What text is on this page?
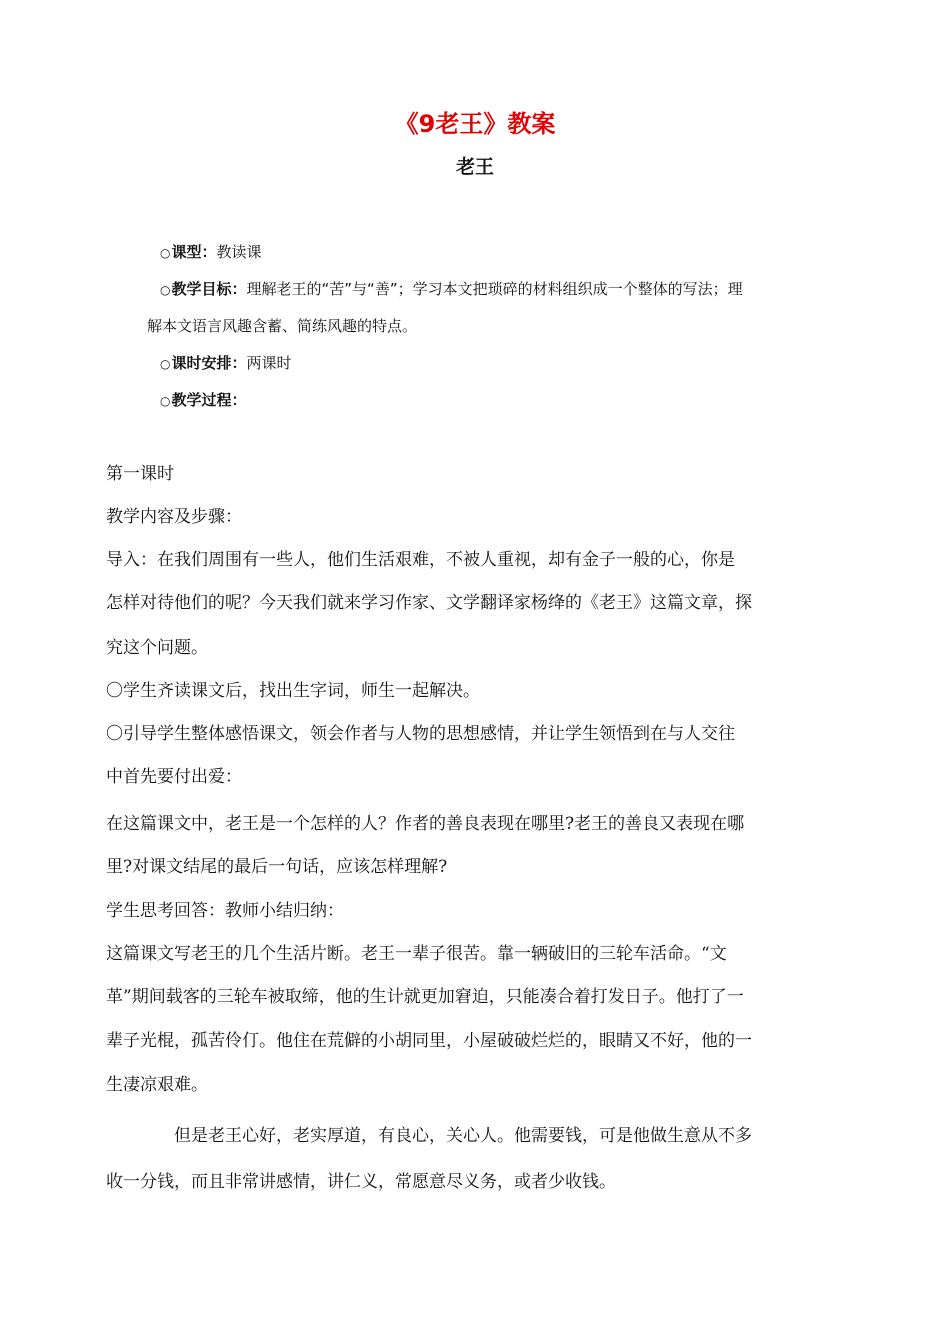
《9老王》教案
老王
○课型：教读课
○教学目标：理解老王的“苦”与“善”；学习本文把琐碎的材料组织成一个整体的写法；理
解本文语言风趣含蓄、简练风趣的特点。
○课时安排：两课时
○教学过程：
第一课时
教学内容及步骤：
导入：在我们周围有一些人，他们生活艰难，不被人重视，却有金子一般的心，你是
怎样对待他们的呢？今天我们就来学习作家、文学翻译家杨绛的《老王》这篇文章，探
究这个问题。
〇学生齐读课文后，找出生字词，师生一起解决。
〇引导学生整体感悟课文，领会作者与人物的思想感情，并让学生领悟到在与人交往
中首先要付出爱：
在这篇课文中，老王是一个怎样的人？作者的善良表现在哪里?老王的善良又表现在哪
里?对课文结尾的最后一句话，应该怎样理解?
学生思考回答：教师小结归纳：
这篇课文写老王的几个生活片断。老王一辈子很苦。靠一辆破旧的三轮车活命。“文
革”期间载客的三轮车被取缔，他的生计就更加窘迫，只能凑合着打发日子。他打了一
辈子光棍，孤苦伶仃。他住在荒僻的小胡同里，小屋破破烂烂的，眼睛又不好，他的一
生凄凉艰难。
　　　　但是老王心好，老实厚道，有良心，关心人。他需要钱，可是他做生意从不多
收一分钱，而且非常讲感情，讲仁义，常愿意尽义务，或者少收钱。
